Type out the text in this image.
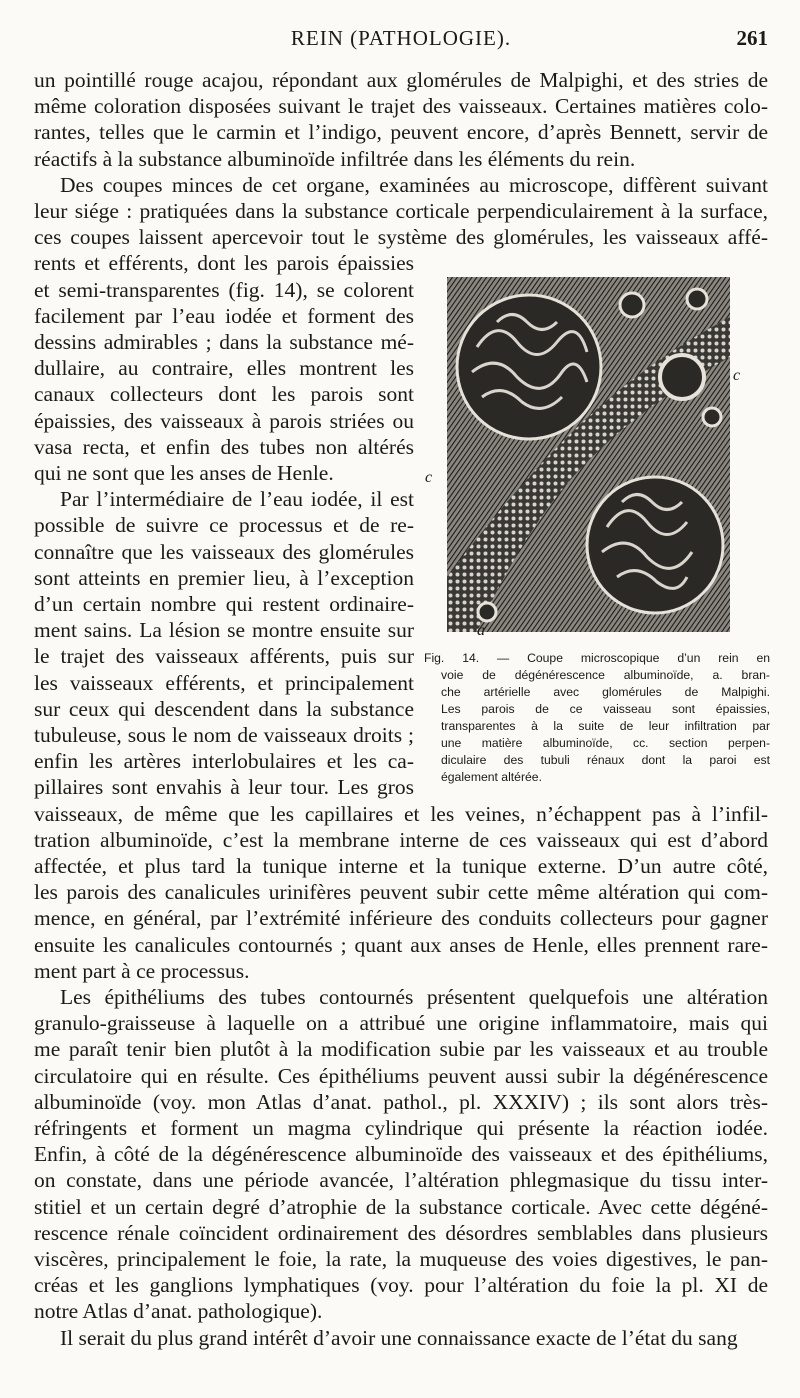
REIN (PATHOLOGIE).	261
un pointillé rouge acajou, répondant aux glomérules de Malpighi, et des stries de
même coloration disposées suivant le trajet des vaisseaux. Certaines matières colo-
rantes, telles que le carmin et l’indigo, peuvent encore, d’après Bennett, servir de
réactifs à la substance albuminoïde infiltrée dans les éléments du rein.
Des coupes minces de cet organe, examinées au microscope, diffèrent suivant
leur siége : pratiquées dans la substance corticale perpendiculairement à la surface,
ces coupes laissent apercevoir tout le système des glomérules, les vaisseaux affé-
rents et efférents, dont les parois épaissies
et semi-transparentes (fig. 14), se colorent
facilement par l’eau iodée et forment des
dessins admirables ; dans la substance mé-
dullaire, au contraire, elles montrent les
canaux collecteurs dont les parois sont
épaissies, des vaisseaux à parois striées ou
vasa recta, et enfin des tubes non altérés
qui ne sont que les anses de Henle.
Par l’intermédiaire de l’eau iodée, il est
possible de suivre ce processus et de re-
connaître que les vaisseaux des glomérules
sont atteints en premier lieu, à l’exception
d’un certain nombre qui restent ordinaire-
ment sains. La lésion se montre ensuite sur
le trajet des vaisseaux afférents, puis sur
les vaisseaux efférents, et principalement
sur ceux qui descendent dans la substance
tubuleuse, sous le nom de vaisseaux droits ;
enfin les artères interlobulaires et les ca-
pillaires sont envahis à leur tour. Les gros
vaisseaux, de même que les capillaires et les veines, n’échappent pas à l’infil-
tration albuminoïde, c’est la membrane interne de ces vaisseaux qui est d’abord
affectée, et plus tard la tunique interne et la tunique externe. D’un autre côté,
les parois des canalicules urinifères peuvent subir cette même altération qui com-
mence, en général, par l’extrémité inférieure des conduits collecteurs pour gagner
ensuite les canalicules contournés ; quant aux anses de Henle, elles prennent rare-
ment part à ce processus.
Les épithéliums des tubes contournés présentent quelquefois une altération
granulo-graisseuse à laquelle on a attribué une origine inflammatoire, mais qui
me paraît tenir bien plutôt à la modification subie par les vaisseaux et au trouble
circulatoire qui en résulte. Ces épithéliums peuvent aussi subir la dégénérescence
albuminoïde (voy. mon Atlas d’anat. pathol., pl. XXXIV) ; ils sont alors très-
réfringents et forment un magma cylindrique qui présente la réaction iodée.
Enfin, à côté de la dégénérescence albuminoïde des vaisseaux et des épithéliums,
on constate, dans une période avancée, l’altération phlegmasique du tissu inter-
stitiel et un certain degré d’atrophie de la substance corticale. Avec cette dégéné-
rescence rénale coïncident ordinairement des désordres semblables dans plusieurs
viscères, principalement le foie, la rate, la muqueuse des voies digestives, le pan-
créas et les ganglions lymphatiques (voy. pour l’altération du foie la pl. XI de
notre Atlas d’anat. pathologique).
Il serait du plus grand intérêt d’avoir une connaissance exacte de l’état du sang
c
c
a
Fig. 14. — Coupe microscopique d’un rein en
voie de dégénérescence albuminoïde, a. bran-
che artérielle avec glomérules de Malpighi.
Les parois de ce vaisseau sont épaissies,
transparentes à la suite de leur infiltration par
une matière albuminoïde, cc. section perpen-
diculaire des tubuli rénaux dont la paroi est
également altérée.
